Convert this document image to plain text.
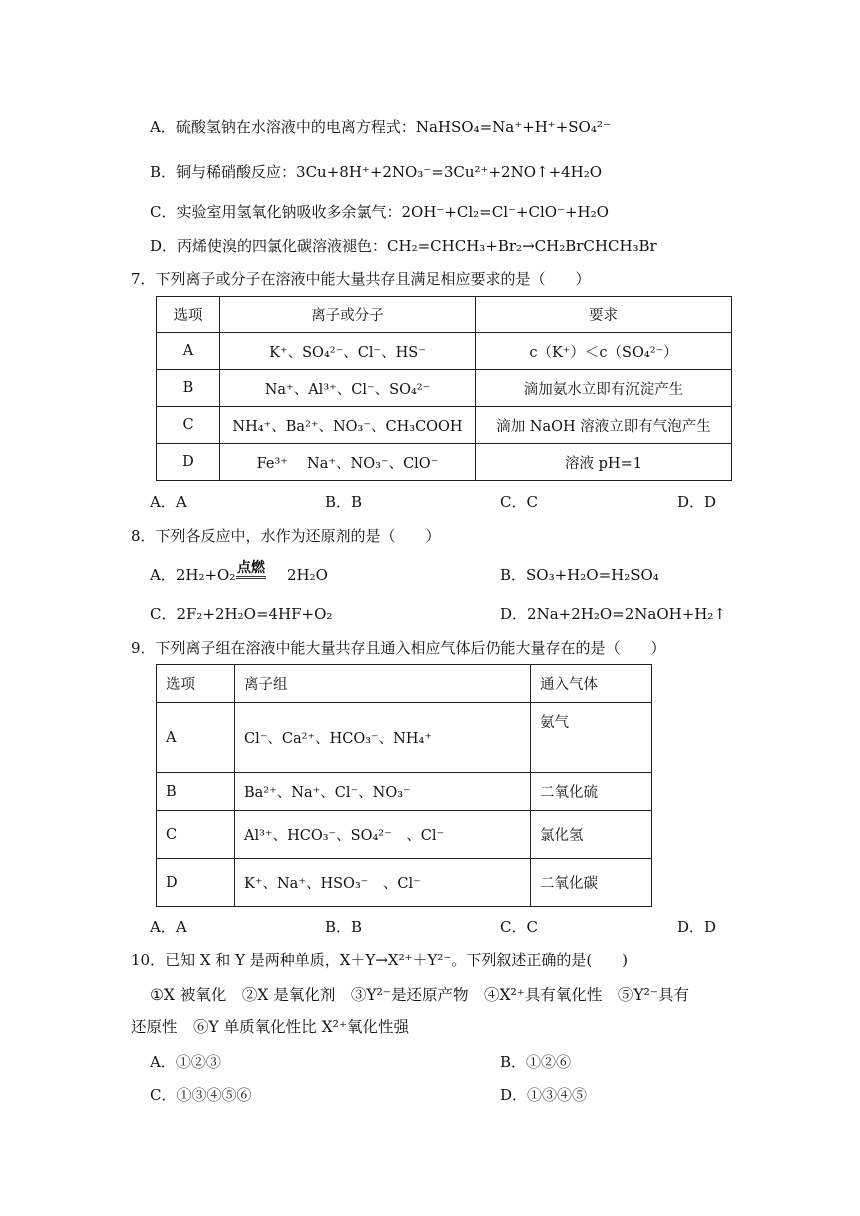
A．硫酸氢钠在水溶液中的电离方程式：NaHSO₄=Na⁺+H⁺+SO₄²⁻
B．铜与稀硝酸反应：3Cu+8H⁺+2NO₃⁻=3Cu²⁺+2NO↑+4H₂O
C．实验室用氢氧化钠吸收多余氯气：2OH⁻+Cl₂=Cl⁻+ClO⁻+H₂O
D．丙烯使溴的四氯化碳溶液褪色：CH₂=CHCH₃+Br₂→CH₂BrCHCH₃Br
7．下列离子或分子在溶液中能大量共存且满足相应要求的是（　　）
选项	离子或分子	要求
A	K⁺、SO₄²⁻、Cl⁻、HS⁻	c（K⁺）＜c（SO₄²⁻）
B	Na⁺、Al³⁺、Cl⁻、SO₄²⁻	滴加氨水立即有沉淀产生
C	NH₄⁺、Ba²⁺、NO₃⁻、CH₃COOH	滴加 NaOH 溶液立即有气泡产生
D	Fe³⁺　 Na⁺、NO₃⁻、ClO⁻	溶液 pH=1
A．A	B．B	C．C	D．D
8．下列各反应中，水作为还原剂的是（　　）
A．2H₂+O₂ 点燃 2H₂O	B．SO₃+H₂O=H₂SO₄
C．2F₂+2H₂O=4HF+O₂	D．2Na+2H₂O=2NaOH+H₂↑
9．下列离子组在溶液中能大量共存且通入相应气体后仍能大量存在的是（　　）
选项	离子组	通入气体
A	Cl⁻、Ca²⁺、HCO₃⁻、NH₄⁺	氨气
B	Ba²⁺、Na⁺、Cl⁻、NO₃⁻	二氧化硫
C	Al³⁺、HCO₃⁻、SO₄²⁻　、Cl⁻	氯化氢
D	K⁺、Na⁺、HSO₃⁻　、Cl⁻	二氧化碳
A．A	B．B	C．C	D．D
10．已知 X 和 Y 是两种单质，X＋Y→X²⁺＋Y²⁻。下列叙述正确的是(　　)
①X 被氧化　②X 是氧化剂　③Y²⁻是还原产物　④X²⁺具有氧化性　⑤Y²⁻具有
还原性　⑥Y 单质氧化性比 X²⁺氧化性强
A．①②③	B．①②⑥
C．①③④⑤⑥	D．①③④⑤
